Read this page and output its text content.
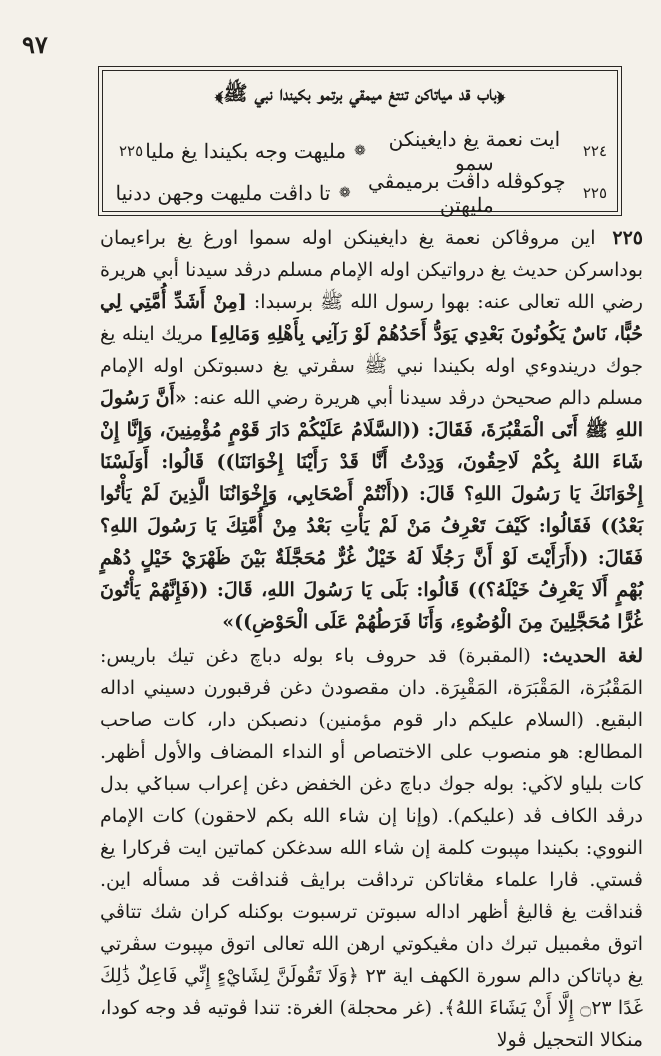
٩٧
﴿باب قد مياتاكن تنتغ ميمقي برتمو بكيندا نبي ﷺ﴾
٢٢٤
ايت نعمة يغ دايغينكن سمو
❁
مليهت وجه بكيندا يغ مليا
٢٢٥
٢٢٥
چوكوڤله داڤت برميمڤي مليهتن
❁
تا داڤت مليهت وجهن ددنيا

٢٢٥ اين مروڤاكن نعمة يغ دايغينكن اوله سموا اورغ يغ براءيمان بوداسركن حديث يغ درواتيكن اوله الإمام مسلم درڤد سيدنا أبي هريرة رضي الله تعالى عنه: بهوا رسول الله ﷺ برسبدا: [مِنْ أَشَدِّ أُمَّتِي لِي حُبًّا، نَاسٌ يَكُونُونَ بَعْدِي يَوَدُّ أَحَدُهُمْ لَوْ رَآنِي بِأَهْلِهِ وَمَالِهِ] مريك اينله يغ جوك دريندوءي اوله بكيندا نبي ﷺ سڤرتي يغ دسبوتكن اوله الإمام مسلم دالم صحيحڽ درڤد سيدنا أبي هريرة رضي الله عنه: «أَنَّ رَسُولَ اللهِ ﷺ أَتَى الْمَقْبُرَةَ، فَقَالَ: ((السَّلَامُ عَلَيْكُمْ دَارَ قَوْمٍ مُؤْمِنِينَ، وَإِنَّا إِنْ شَاءَ اللهُ بِكُمْ لَاحِقُونَ، وَدِدْتُ أَنَّا قَدْ رَأَيْنَا إِخْوَانَنَا)) قَالُوا: أَوَلَسْنَا إِخْوَانَكَ يَا رَسُولَ اللهِ؟ قَالَ: ((أَنْتُمْ أَصْحَابِي، وَإِخْوَانُنَا الَّذِينَ لَمْ يَأْتُوا بَعْدُ)) فَقَالُوا: كَيْفَ تَعْرِفُ مَنْ لَمْ يَأْتِ بَعْدُ مِنْ أُمَّتِكَ يَا رَسُولَ اللهِ؟ فَقَالَ: ((أَرَأَيْتَ لَوْ أَنَّ رَجُلًا لَهُ خَيْلٌ غُرٌّ مُحَجَّلَةٌ بَيْنَ ظَهْرَيْ خَيْلٍ دُهْمٍ بُهْمٍ أَلَا يَعْرِفُ خَيْلَهُ؟)) قَالُوا: بَلَى يَا رَسُولَ اللهِ، قَالَ: ((فَإِنَّهُمْ يَأْتُونَ غُرًّا مُحَجَّلِينَ مِنَ الْوُضُوءِ، وَأَنَا فَرَطُهُمْ عَلَى الْحَوْضِ))»

لغة الحديث: (المقبرة) قد حروف باء بوله دباچ دغن تيك باريس: المَقْبُرَة، المَقْبَرَة، المَقْبِرَة. دان مقصودڽ دغن ڤرقبورن دسيني اداله البقيع. (السلام عليكم دار قوم مؤمنين) دنصبكن دار، كات صاحب المطالع: هو منصوب على الاختصاص أو النداء المضاف والأول أظهر. كات بلياو لاڬي: بوله جوك دباچ دغن الخفض دغن إعراب سباݢي بدل درڤد الكاف ڤد (عليكم). (وإنا إن شاء الله بكم لاحقون) كات الإمام النووي: بكيندا مپبوت كلمة إن شاء الله سدغكن كماتين ايت ڤركارا يغ ڤستي. ڤارا علماء مڠاتاكن ترداڤت برايڤ ڤنداڤت ڤد مسأله اين. ڤنداڤت يغ ڤاليڠ أظهر اداله سبوتن ترسبوت بوكنله كران شك تتاڤي اتوق مڠمبيل تبرك دان مڠيكوتي ارهن الله تعالى اتوق مپبوت سڤرتي يغ دپاتاكن دالم سورة الكهف اية ٢٣ ﴿وَلَا تَقُولَنَّ لِشَايْءٍ إِنِّي فَاعِلٌ ذَٰلِكَ غَدًا ۝٢٣ إِلَّا أَنْ يَشَاءَ اللهُ﴾. (غر محجلة) الغرة: تندا ڤوتيه ڤد وجه كودا، منكالا التحجيل ڤولا
